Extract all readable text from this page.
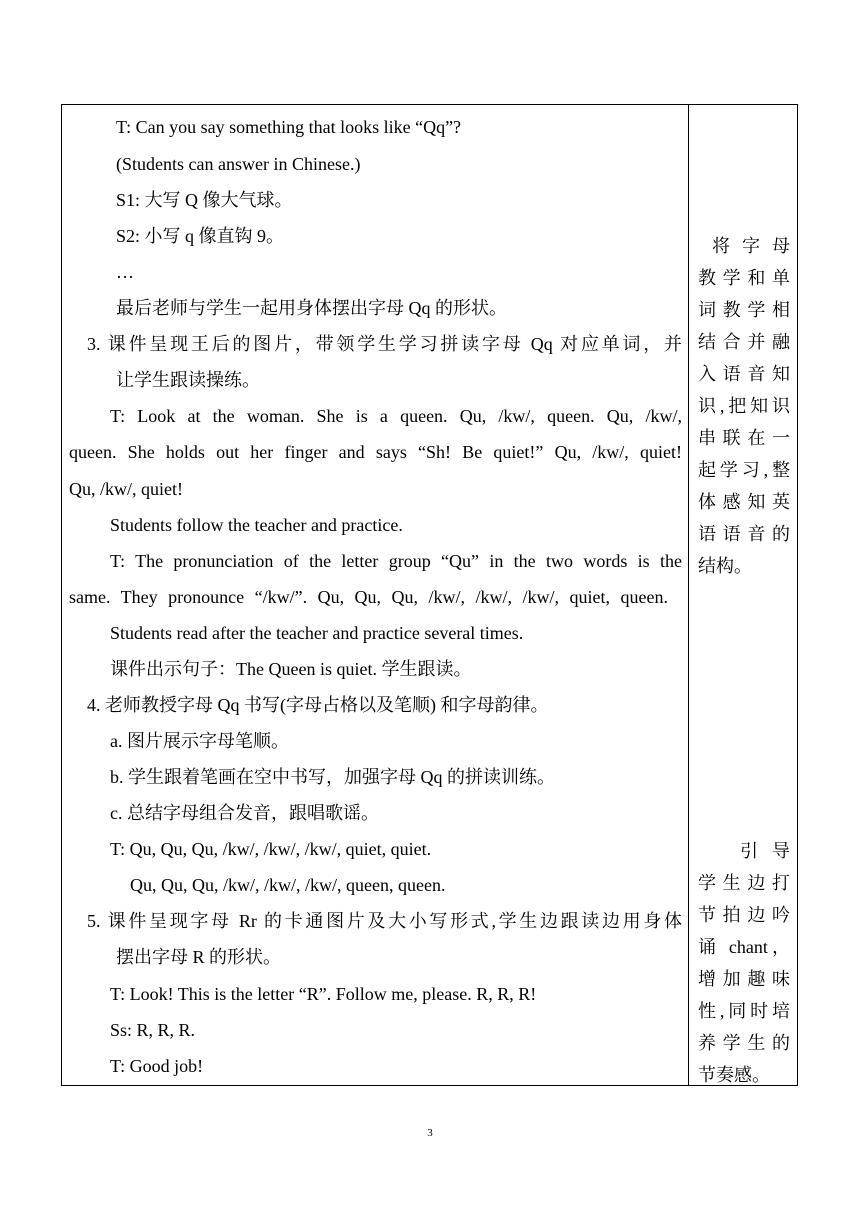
T: Can you say something that looks like “Qq”?
(Students can answer in Chinese.)
S1: 大写 Q 像大气球。
S2: 小写 q 像直钩 9。
…
最后老师与学生一起用身体摆出字母 Qq 的形状。
3. 课件呈现王后的图片，带领学生学习拼读字母 Qq 对应单词，并
让学生跟读操练。
T: Look at the woman. She is a queen. Qu, /kw/, queen. Qu, /kw/,
queen. She holds out her finger and says “Sh! Be quiet!” Qu, /kw/, quiet!
Qu, /kw/, quiet!
Students follow the teacher and practice.
T: The pronunciation of the letter group “Qu” in the two words is the
same. They pronounce “/kw/”. Qu, Qu, Qu, /kw/, /kw/, /kw/, quiet, queen.
Students read after the teacher and practice several times.
课件出示句子：The Queen is quiet. 学生跟读。
4. 老师教授字母 Qq 书写(字母占格以及笔顺) 和字母韵律。
a. 图片展示字母笔顺。
b. 学生跟着笔画在空中书写，加强字母 Qq 的拼读训练。
c. 总结字母组合发音，跟唱歌谣。
T: Qu, Qu, Qu, /kw/, /kw/, /kw/, quiet, quiet.
Qu, Qu, Qu, /kw/, /kw/, /kw/, queen, queen.
5. 课件呈现字母 Rr 的卡通图片及大小写形式,学生边跟读边用身体
摆出字母 R 的形状。
T: Look! This is the letter “R”. Follow me, please. R, R, R!
Ss: R, R, R.
T: Good job!
将 字 母
教学和单
词教学相
结合并融
入语音知
识,把知识
串联在一
起学习,整
体感知英
语语音的
结构。
引 导
学生边打
节拍边吟
诵 chant，
增加趣味
性,同时培
养学生的
节奏感。
3
